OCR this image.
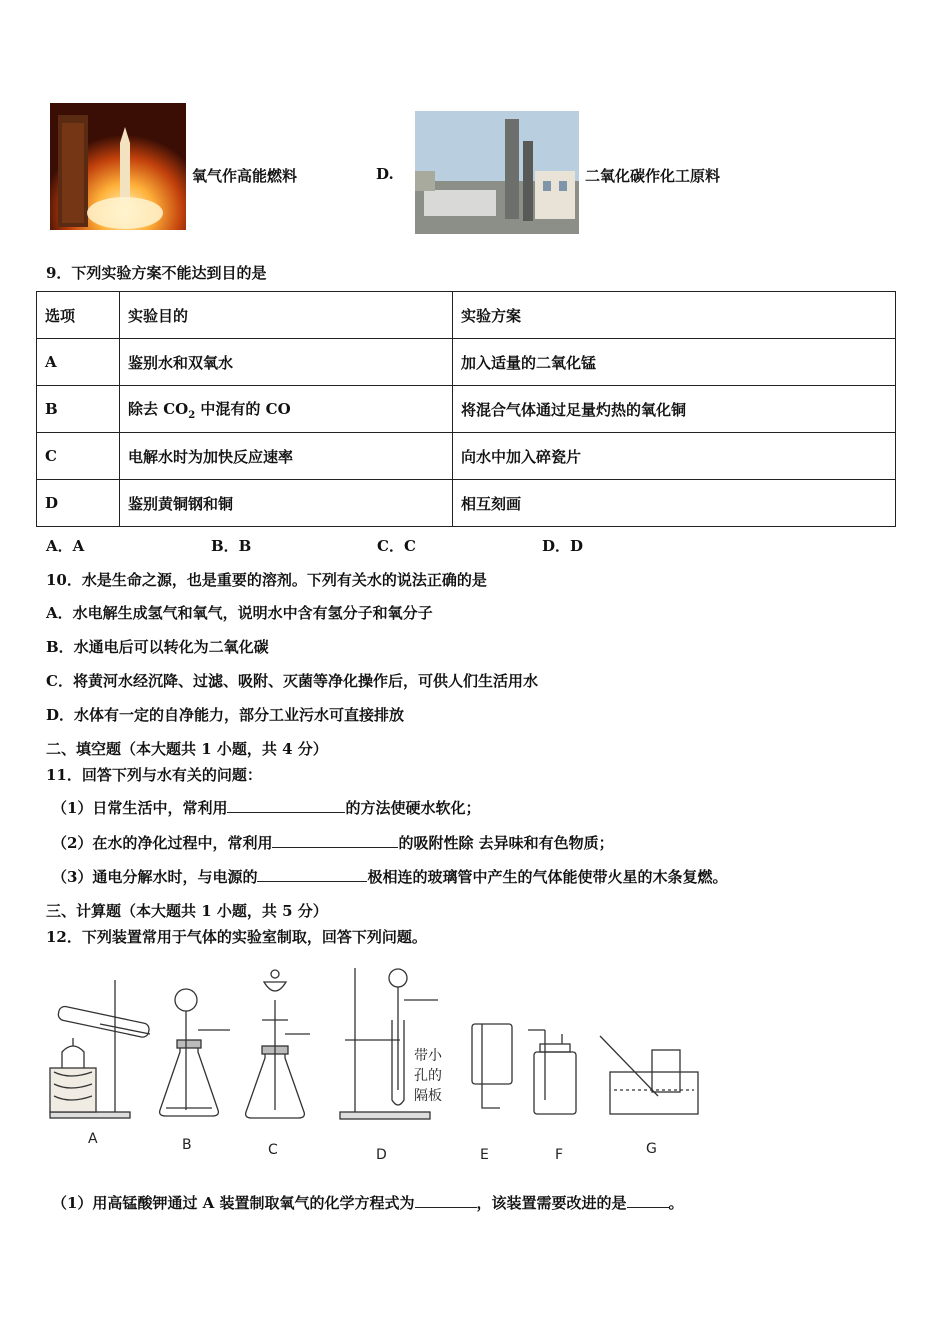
氧气作高能燃料	D.	二氧化碳作化工原料
9．下列实验方案不能达到目的是
选项	实验目的	实验方案
A	鉴别水和双氧水	加入适量的二氧化锰
B	除去 $CO_2$ 中混有的 CO	将混合气体通过足量灼热的氧化铜
C	电解水时为加快反应速率	向水中加入碎瓷片
D	鉴别黄铜钢和铜	相互刻画
A．A	B．B	C．C	D．D
10．水是生命之源，也是重要的溶剂。下列有关水的说法正确的是
A．水电解生成氢气和氧气，说明水中含有氢分子和氧分子
B．水通电后可以转化为二氧化碳
C．将黄河水经沉降、过滤、吸附、灭菌等净化操作后，可供人们生活用水
D．水体有一定的自净能力，部分工业污水可直接排放
二、填空题（本大题共 1 小题，共 4 分）
11．回答下列与水有关的问题：
（1）日常生活中，常利用	的方法使硬水软化；
（2）在水的净化过程中，常利用	的吸附性除 去异味和有色物质；
（3）通电分解水时，与电源的	极相连的玻璃管中产生的气体能使带火星的木条复燃。
三、计算题（本大题共 1 小题，共 5 分）
12．下列装置常用于气体的实验室制取，回答下列问题。
A	B	C	D	E	F	G
带小
孔的
隔板
（1）用高锰酸钾通过 A 装置制取氧气的化学方程式为	，该装置需要改进的是	。
